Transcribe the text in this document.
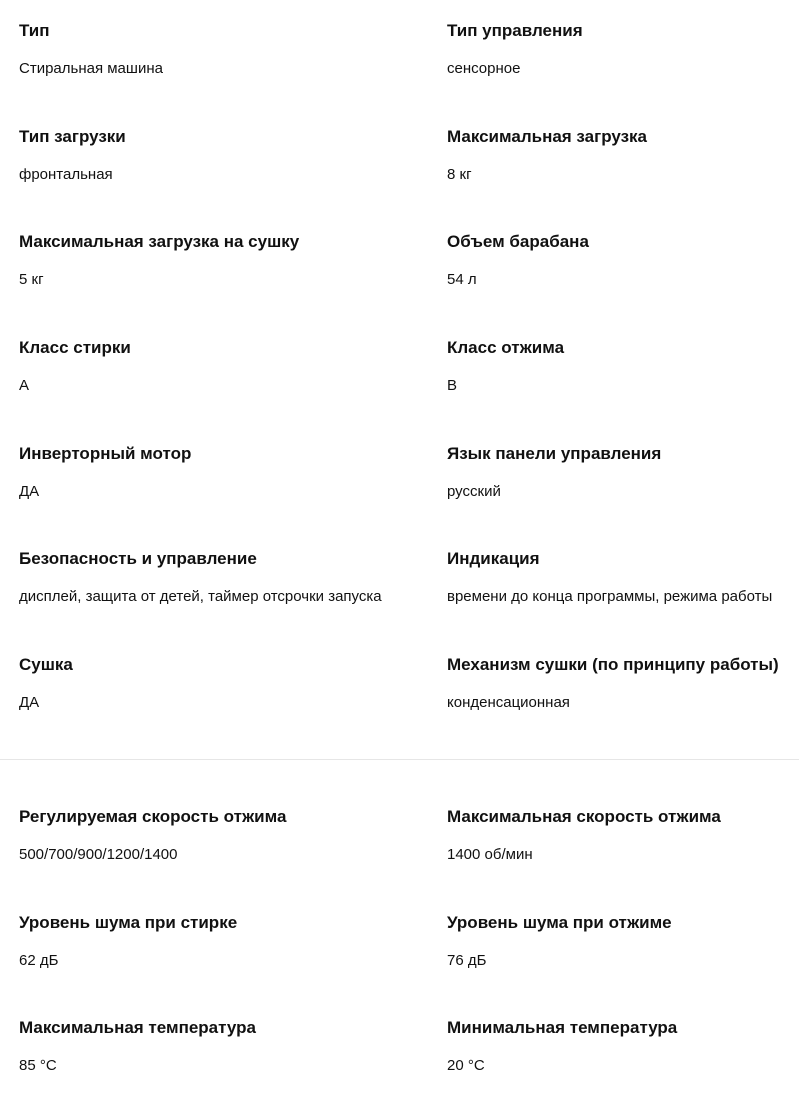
Тип
Стиральная машина
Тип управления
сенсорное
Тип загрузки
фронтальная
Максимальная загрузка
8 кг
Максимальная загрузка на сушку
5 кг
Объем барабана
54 л
Класс стирки
A
Класс отжима
B
Инверторный мотор
ДА
Язык панели управления
русский
Безопасность и управление
дисплей, защита от детей, таймер отсрочки запуска
Индикация
времени до конца программы, режима работы
Сушка
ДА
Механизм сушки (по принципу работы)
конденсационная
Регулируемая скорость отжима
500/700/900/1200/1400
Максимальная скорость отжима
1400 об/мин
Уровень шума при стирке
62 дБ
Уровень шума при отжиме
76 дБ
Максимальная температура
85 °C
Минимальная температура
20 °C
